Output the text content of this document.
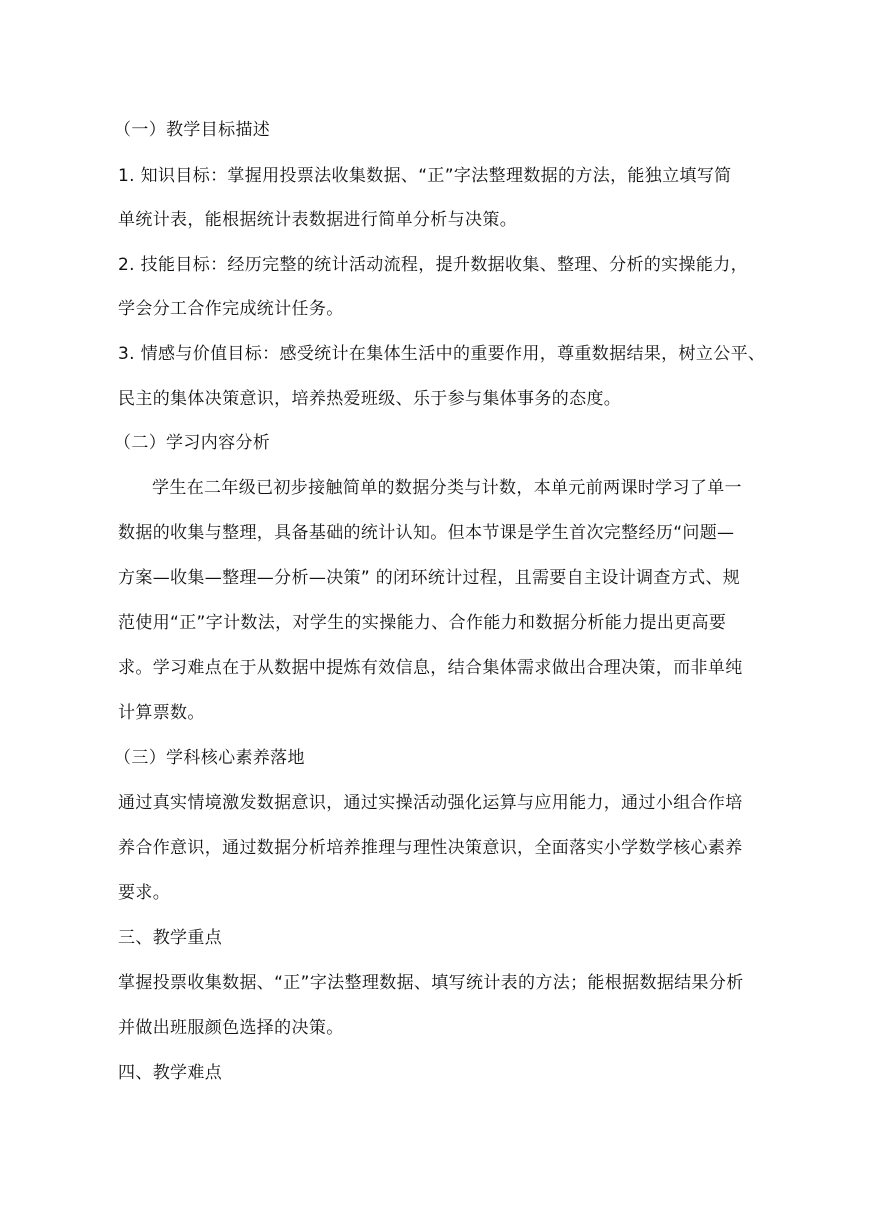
（一）教学目标描述
1. 知识目标：掌握用投票法收集数据、“正”字法整理数据的方法，能独立填写简
单统计表，能根据统计表数据进行简单分析与决策。
2. 技能目标：经历完整的统计活动流程，提升数据收集、整理、分析的实操能力，
学会分工合作完成统计任务。
3. 情感与价值目标：感受统计在集体生活中的重要作用，尊重数据结果，树立公平、
民主的集体决策意识，培养热爱班级、乐于参与集体事务的态度。
（二）学习内容分析
学生在二年级已初步接触简单的数据分类与计数，本单元前两课时学习了单一
数据的收集与整理，具备基础的统计认知。但本节课是学生首次完整经历“问题—
方案—收集—整理—分析—决策” 的闭环统计过程，且需要自主设计调查方式、规
范使用“正”字计数法，对学生的实操能力、合作能力和数据分析能力提出更高要
求。学习难点在于从数据中提炼有效信息，结合集体需求做出合理决策，而非单纯
计算票数。
（三）学科核心素养落地
通过真实情境激发数据意识，通过实操活动强化运算与应用能力，通过小组合作培
养合作意识，通过数据分析培养推理与理性决策意识，全面落实小学数学核心素养
要求。
三、教学重点
掌握投票收集数据、“正”字法整理数据、填写统计表的方法；能根据数据结果分析
并做出班服颜色选择的决策。
四、教学难点
